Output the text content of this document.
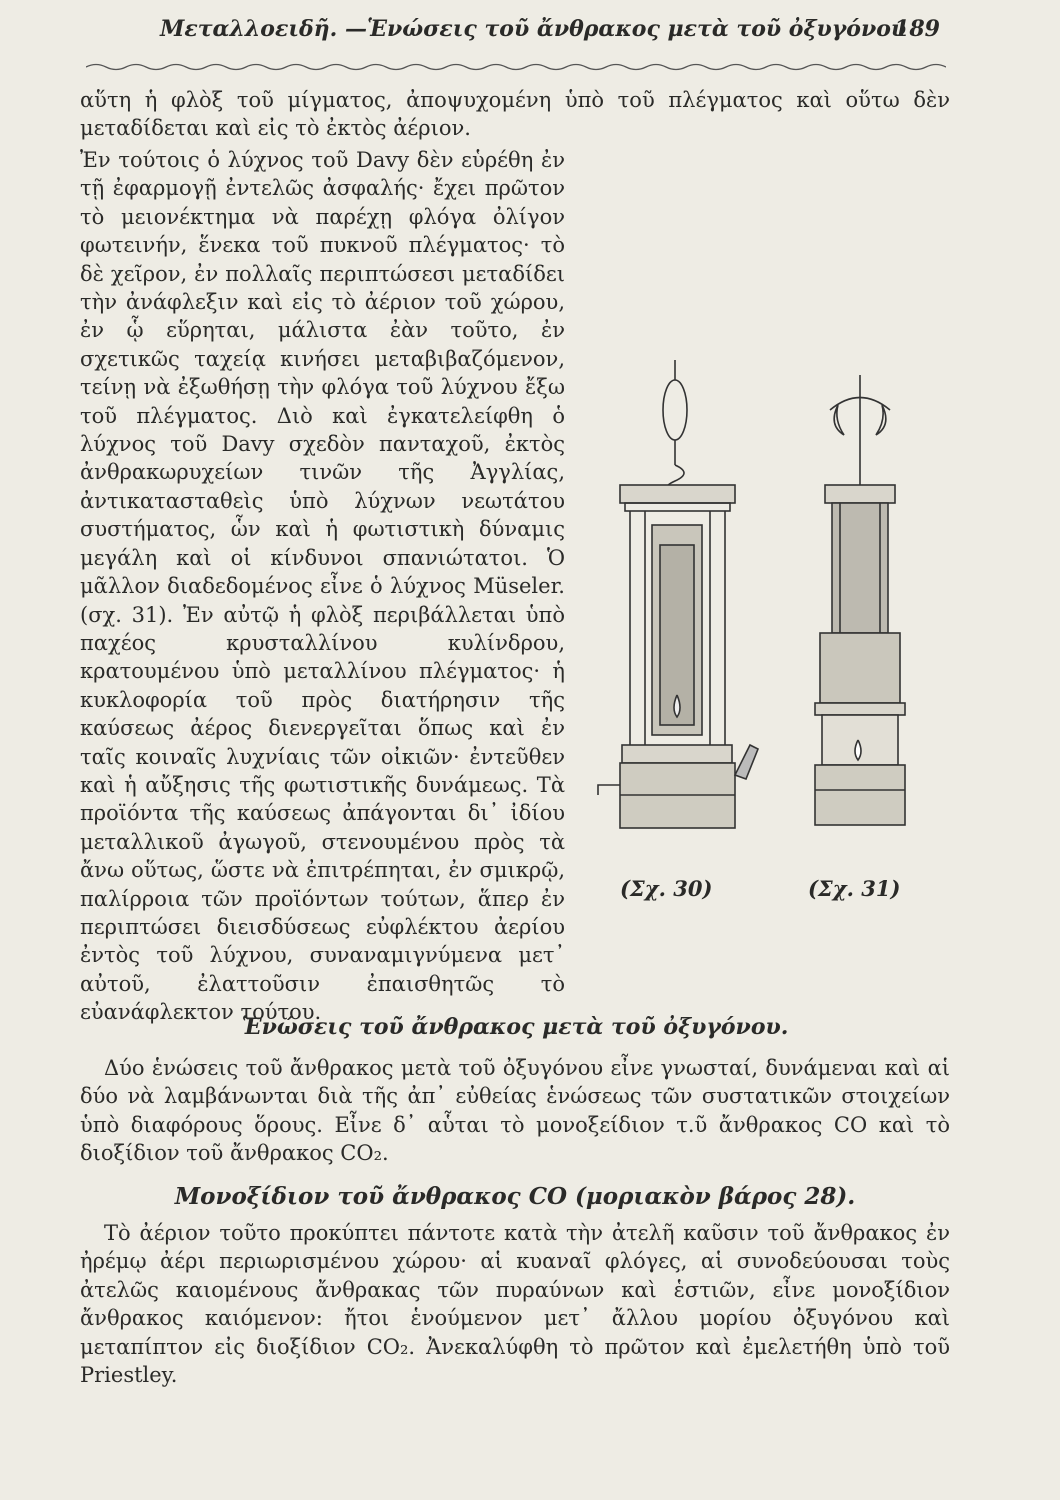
Μεταλλοειδῆ. —Ἑνώσεις τοῦ ἄνθρακος μετὰ τοῦ ὀξυγόνου
189

αὕτη ἡ φλὸξ τοῦ μίγματος, ἀποψυχομένη ὑπὸ τοῦ πλέγματος καὶ οὕτω δὲν μεταδίδεται καὶ εἰς τὸ ἐκτὸς ἀέριον.

Ἐν τούτοις ὁ λύχνος τοῦ Davy δὲν εὑρέθη ἐν τῇ ἐφαρμογῇ ἐντελῶς ἀσφαλής· ἔχει πρῶτον τὸ μειονέκτημα νὰ παρέχῃ φλόγα ὀλίγον φωτεινήν, ἕνεκα τοῦ πυκνοῦ πλέγματος· τὸ δὲ χεῖρον, ἐν πολλαῖς περιπτώσεσι μεταδίδει τὴν ἀνάφλεξιν καὶ εἰς τὸ ἀέριον τοῦ χώρου, ἐν ᾧ εὕρηται, μάλιστα ἐὰν τοῦτο, ἐν σχετικῶς ταχείᾳ κινήσει μεταβιβαζόμενον, τείνῃ νὰ ἐξωθήσῃ τὴν φλόγα τοῦ λύχνου ἔξω τοῦ πλέγματος. Διὸ καὶ ἐγκατελείφθη ὁ λύχνος τοῦ Davy σχεδὸν πανταχοῦ, ἐκτὸς ἀνθρακωρυχείων τινῶν τῆς Ἀγγλίας, ἀντικατασταθεὶς ὑπὸ λύχνων νεωτάτου συστήματος, ὧν καὶ ἡ φωτιστικὴ δύναμις μεγάλη καὶ οἱ κίνδυνοι σπανιώτατοι. Ὁ μᾶλλον διαδεδομένος εἶνε ὁ λύχνος Müseler. (σχ. 31). Ἐν αὐτῷ ἡ φλὸξ περιβάλλεται ὑπὸ παχέος κρυσταλλίνου κυλίνδρου, κρατουμένου ὑπὸ μεταλλίνου πλέγματος· ἡ κυκλοφορία τοῦ πρὸς διατήρησιν τῆς καύσεως ἀέρος διενεργεῖται ὅπως καὶ ἐν ταῖς κοιναῖς λυχνίαις τῶν οἰκιῶν· ἐντεῦθεν καὶ ἡ αὔξησις τῆς φωτιστικῆς δυνάμεως. Τὰ προϊόντα τῆς καύσεως ἀπάγονται δι᾽ ἰδίου μεταλλικοῦ ἀγωγοῦ, στενουμένου πρὸς τὰ ἄνω οὕτως, ὥστε νὰ ἐπιτρέπηται, ἐν σμικρῷ, παλίρροια τῶν προϊόντων τούτων, ἅπερ ἐν περιπτώσει διεισδύσεως εὐφλέκτου ἀερίου ἐντὸς τοῦ λύχνου, συναναμιγνύμενα μετ᾽ αὐτοῦ, ἐλαττοῦσιν ἐπαισθητῶς τὸ εὐανάφλεκτον τούτου.
(Σχ. 30)	(Σχ. 31)
Ἑνώσεις τοῦ ἄνθρακος μετὰ τοῦ ὀξυγόνου.

Δύο ἑνώσεις τοῦ ἄνθρακος μετὰ τοῦ ὀξυγόνου εἶνε γνωσταί, δυνάμεναι καὶ αἱ δύο νὰ λαμβάνωνται διὰ τῆς ἀπ᾽ εὐθείας ἑνώσεως τῶν συστατικῶν στοιχείων ὑπὸ διαφόρους ὅρους. Εἶνε δ᾽ αὗται τὸ μονοξείδιον τ.ῦ ἄνθρακος CO καὶ τὸ διοξίδιον τοῦ ἄνθρακος CO₂.

Μονοξίδιον τοῦ ἄνθρακος CO (μοριακὸν βάρος 28).

Τὸ ἀέριον τοῦτο προκύπτει πάντοτε κατὰ τὴν ἀτελῆ καῦσιν τοῦ ἄνθρακος ἐν ἠρέμῳ ἀέρι περιωρισμένου χώρου· αἱ κυαναῖ φλόγες, αἱ συνοδεύουσαι τοὺς ἀτελῶς καιομένους ἄνθρακας τῶν πυραύνων καὶ ἑστιῶν, εἶνε μονοξίδιον ἄνθρακος καιόμενον: ἤτοι ἑνούμενον μετ᾽ ἄλλου μορίου ὀξυγόνου καὶ μεταπίπτον εἰς διοξίδιον CO₂. Ἀνεκαλύφθη τὸ πρῶτον καὶ ἐμελετήθη ὑπὸ τοῦ Priestley.
